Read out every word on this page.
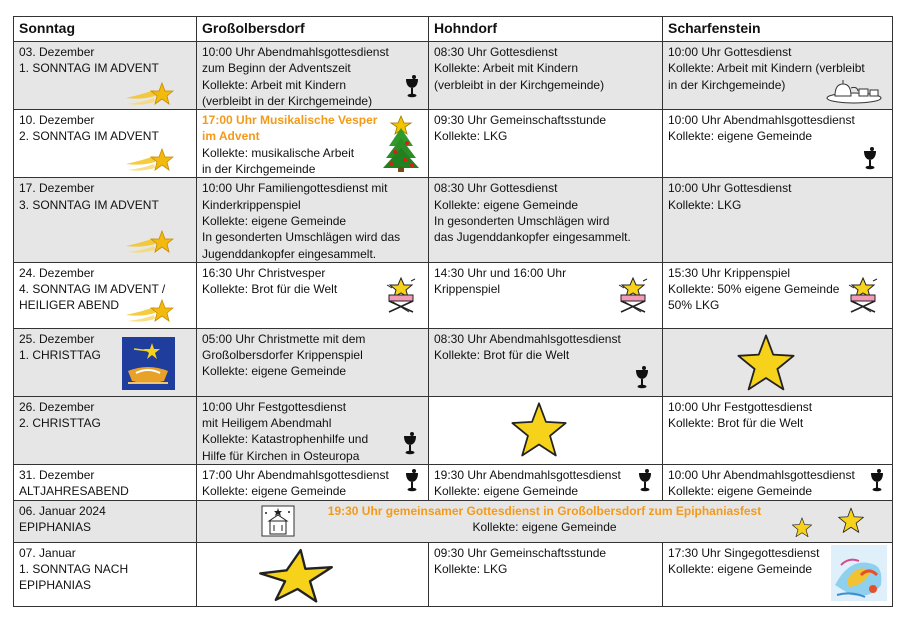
Sonntag	Großolbersdorf	Hohndorf	Scharfenstein

03. Dezember
1. SONNTAG IM ADVENT	10:00 Uhr Abendmahlsgottesdienst
zum Beginn der Adventszeit
Kollekte: Arbeit mit Kindern
(verbleibt in der Kirchgemeinde)	08:30 Uhr Gottesdienst
Kollekte: Arbeit mit Kindern
(verbleibt in der Kirchgemeinde)	10:00 Uhr Gottesdienst
Kollekte: Arbeit mit Kindern (verbleibt
in der Kirchgemeinde)

10. Dezember
2. SONNTAG IM ADVENT	17:00 Uhr Musikalische Vesper
im Advent
Kollekte: musikalische Arbeit
in der Kirchgemeinde	09:30 Uhr Gemeinschaftsstunde
Kollekte: LKG	10:00 Uhr Abendmahlsgottesdienst
Kollekte: eigene Gemeinde

17. Dezember
3. SONNTAG IM ADVENT	10:00 Uhr Familiengottesdienst mit
Kinderkrippenspiel
Kollekte: eigene Gemeinde
In gesonderten Umschlägen wird das
Jugenddankopfer eingesammelt.	08:30 Uhr Gottesdienst
Kollekte: eigene Gemeinde
In gesonderten Umschlägen wird
das Jugenddankopfer eingesammelt.	10:00 Uhr Gottesdienst
Kollekte: LKG

24. Dezember
4. SONNTAG IM ADVENT /
HEILIGER ABEND	16:30 Uhr Christvesper
Kollekte: Brot für die Welt	14:30 Uhr und 16:00 Uhr
Krippenspiel	15:30 Uhr Krippenspiel
Kollekte: 50% eigene Gemeinde
50% LKG

25. Dezember
1. CHRISTTAG	05:00 Uhr Christmette mit dem
Großolbersdorfer Krippenspiel
Kollekte: eigene Gemeinde	08:30 Uhr Abendmahlsgottesdienst
Kollekte: Brot für die Welt

26. Dezember
2. CHRISTTAG	10:00 Uhr Festgottesdienst
mit Heiligem Abendmahl
Kollekte: Katastrophenhilfe und
Hilfe für Kirchen in Osteuropa		10:00 Uhr Festgottesdienst
Kollekte: Brot für die Welt

31. Dezember
ALTJAHRESABEND	17:00 Uhr Abendmahlsgottesdienst
Kollekte: eigene Gemeinde	19:30 Uhr Abendmahlsgottesdienst
Kollekte: eigene Gemeinde	10:00 Uhr Abendmahlsgottesdienst
Kollekte: eigene Gemeinde

06. Januar 2024
EPIPHANIAS	19:30 Uhr gemeinsamer Gottesdienst in Großolbersdorf zum Epiphaniasfest
Kollekte: eigene Gemeinde		

07. Januar
1. SONNTAG NACH
EPIPHANIAS		09:30 Uhr Gemeinschaftsstunde
Kollekte: LKG	17:30 Uhr Singegottesdienst
Kollekte: eigene Gemeinde
